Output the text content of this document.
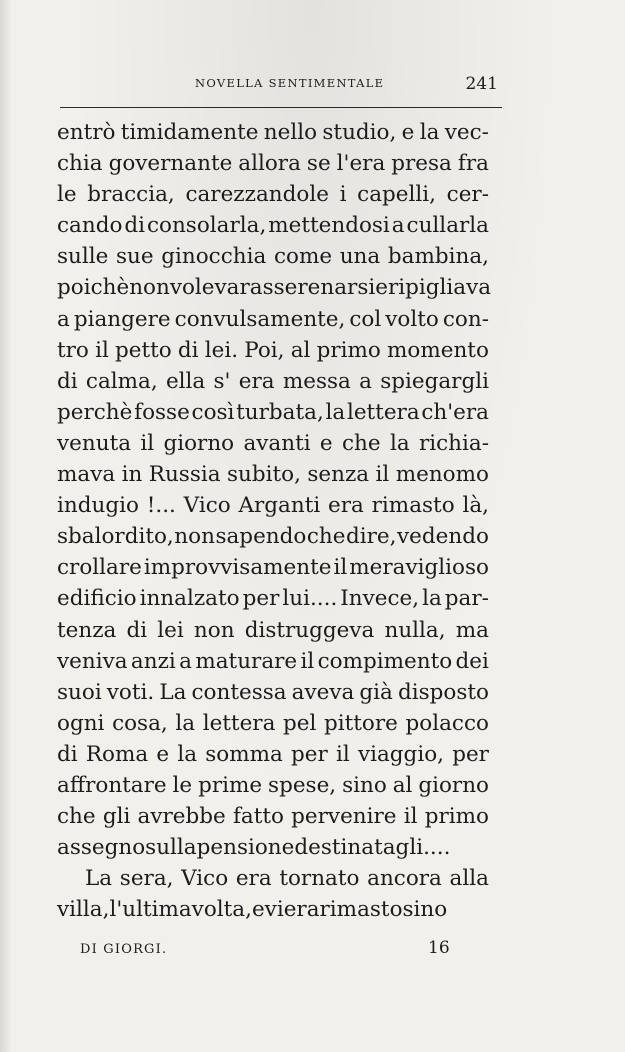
NOVELLA SENTIMENTALE	241
entrò timidamente nello studio, e la vec-
chia governante allora se l'era presa fra
le braccia, carezzandole i capelli, cer-
cando di consolarla, mettendosi a cullarla
sulle sue ginocchia come una bambina,
poichè non voleva rasserenarsi e ripigliava
a piangere convulsamente, col volto con-
tro il petto di lei. Poi, al primo momento
di calma, ella s' era messa a spiegargli
perchè fosse così turbata, la lettera ch'era
venuta il giorno avanti e che la richia-
mava in Russia subito, senza il menomo
indugio !... Vico Arganti era rimasto là,
sbalordito, non sapendo che dire, vedendo
crollare improvvisamente il meraviglioso
edificio innalzato per lui.... Invece, la par-
tenza di lei non distruggeva nulla, ma
veniva anzi a maturare il compimento dei
suoi voti. La contessa aveva già disposto
ogni cosa, la lettera pel pittore polacco
di Roma e la somma per il viaggio, per
affrontare le prime spese, sino al giorno
che gli avrebbe fatto pervenire il primo
assegno sulla pensione destinatagli....
La sera, Vico era tornato ancora alla
villa, l'ultima volta, e vi era rimasto sino
DI GIORGI.	16
